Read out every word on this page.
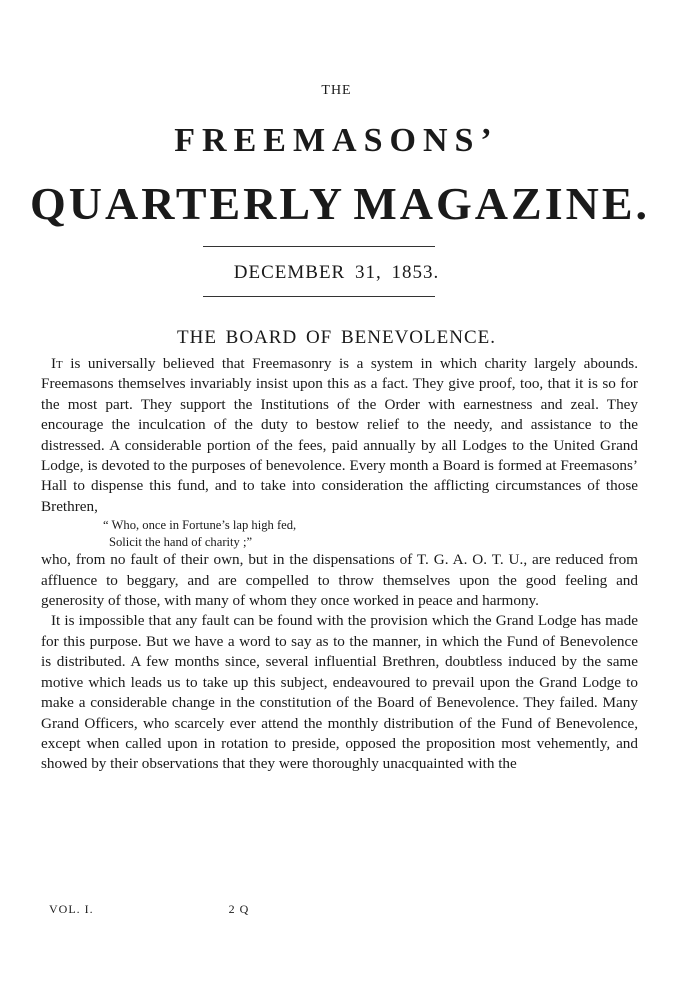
THE
FREEMASONS’
QUARTERLY MAGAZINE.
DECEMBER 31, 1853.
THE BOARD OF BENEVOLENCE.

It is universally believed that Freemasonry is a system in which charity largely abounds. Freemasons themselves invariably insist upon this as a fact. They give proof, too, that it is so for the most part. They support the Institutions of the Order with earnestness and zeal. They encourage the inculcation of the duty to bestow relief to the needy, and assistance to the distressed. A considerable portion of the fees, paid annually by all Lodges to the United Grand Lodge, is devoted to the purposes of benevolence. Every month a Board is formed at Freemasons’ Hall to dispense this fund, and to take into consideration the afflicting circumstances of those Brethren,

“ Who, once in Fortune’s lap high fed,
Solicit the hand of charity ;”

who, from no fault of their own, but in the dispensations of T. G. A. O. T. U., are reduced from affluence to beggary, and are compelled to throw themselves upon the good feeling and generosity of those, with many of whom they once worked in peace and harmony.

It is impossible that any fault can be found with the provision which the Grand Lodge has made for this purpose. But we have a word to say as to the manner, in which the Fund of Benevolence is distributed. A few months since, several influential Brethren, doubtless induced by the same motive which leads us to take up this subject, endeavoured to prevail upon the Grand Lodge to make a considerable change in the constitution of the Board of Benevolence. They failed. Many Grand Officers, who scarcely ever attend the monthly distribution of the Fund of Benevolence, except when called upon in rotation to preside, opposed the proposition most vehemently, and showed by their observations that they were thoroughly unacquainted with the

VOL. I.	2 Q
